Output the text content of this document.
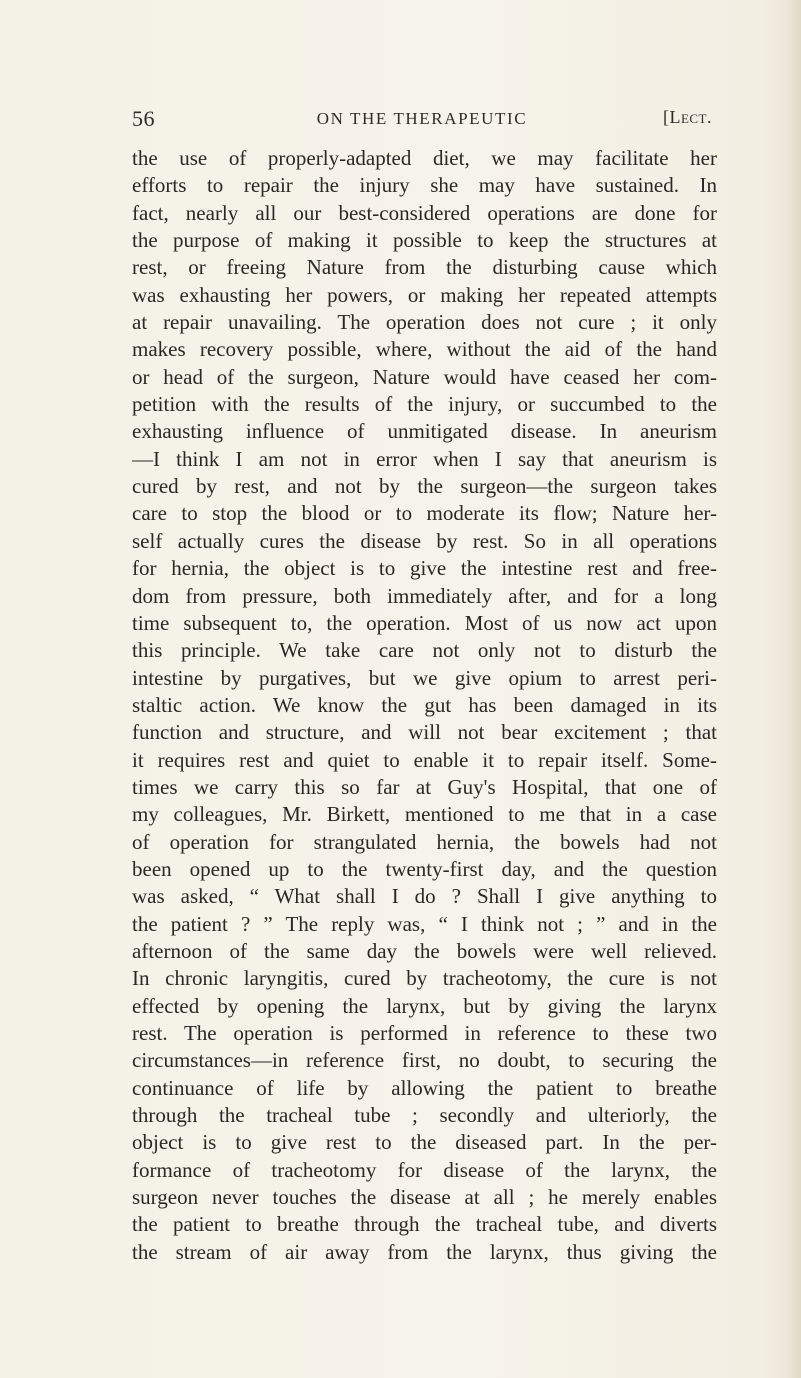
56	ON THE THERAPEUTIC	[Lect.
the use of properly-adapted diet, we may facilitate her
efforts to repair the injury she may have sustained. In
fact, nearly all our best-considered operations are done for
the purpose of making it possible to keep the structures at
rest, or freeing Nature from the disturbing cause which
was exhausting her powers, or making her repeated attempts
at repair unavailing. The operation does not cure ; it only
makes recovery possible, where, without the aid of the hand
or head of the surgeon, Nature would have ceased her com-
petition with the results of the injury, or succumbed to the
exhausting influence of unmitigated disease. In aneurism
—I think I am not in error when I say that aneurism is
cured by rest, and not by the surgeon—the surgeon takes
care to stop the blood or to moderate its flow; Nature her-
self actually cures the disease by rest. So in all operations
for hernia, the object is to give the intestine rest and free-
dom from pressure, both immediately after, and for a long
time subsequent to, the operation. Most of us now act upon
this principle. We take care not only not to disturb the
intestine by purgatives, but we give opium to arrest peri-
staltic action. We know the gut has been damaged in its
function and structure, and will not bear excitement ; that
it requires rest and quiet to enable it to repair itself. Some-
times we carry this so far at Guy's Hospital, that one of
my colleagues, Mr. Birkett, mentioned to me that in a case
of operation for strangulated hernia, the bowels had not
been opened up to the twenty-first day, and the question
was asked, “ What shall I do ? Shall I give anything to
the patient ? ” The reply was, “ I think not ; ” and in the
afternoon of the same day the bowels were well relieved.
In chronic laryngitis, cured by tracheotomy, the cure is not
effected by opening the larynx, but by giving the larynx
rest. The operation is performed in reference to these two
circumstances—in reference first, no doubt, to securing the
continuance of life by allowing the patient to breathe
through the tracheal tube ; secondly and ulteriorly, the
object is to give rest to the diseased part. In the per-
formance of tracheotomy for disease of the larynx, the
surgeon never touches the disease at all ; he merely enables
the patient to breathe through the tracheal tube, and diverts
the stream of air away from the larynx, thus giving the
